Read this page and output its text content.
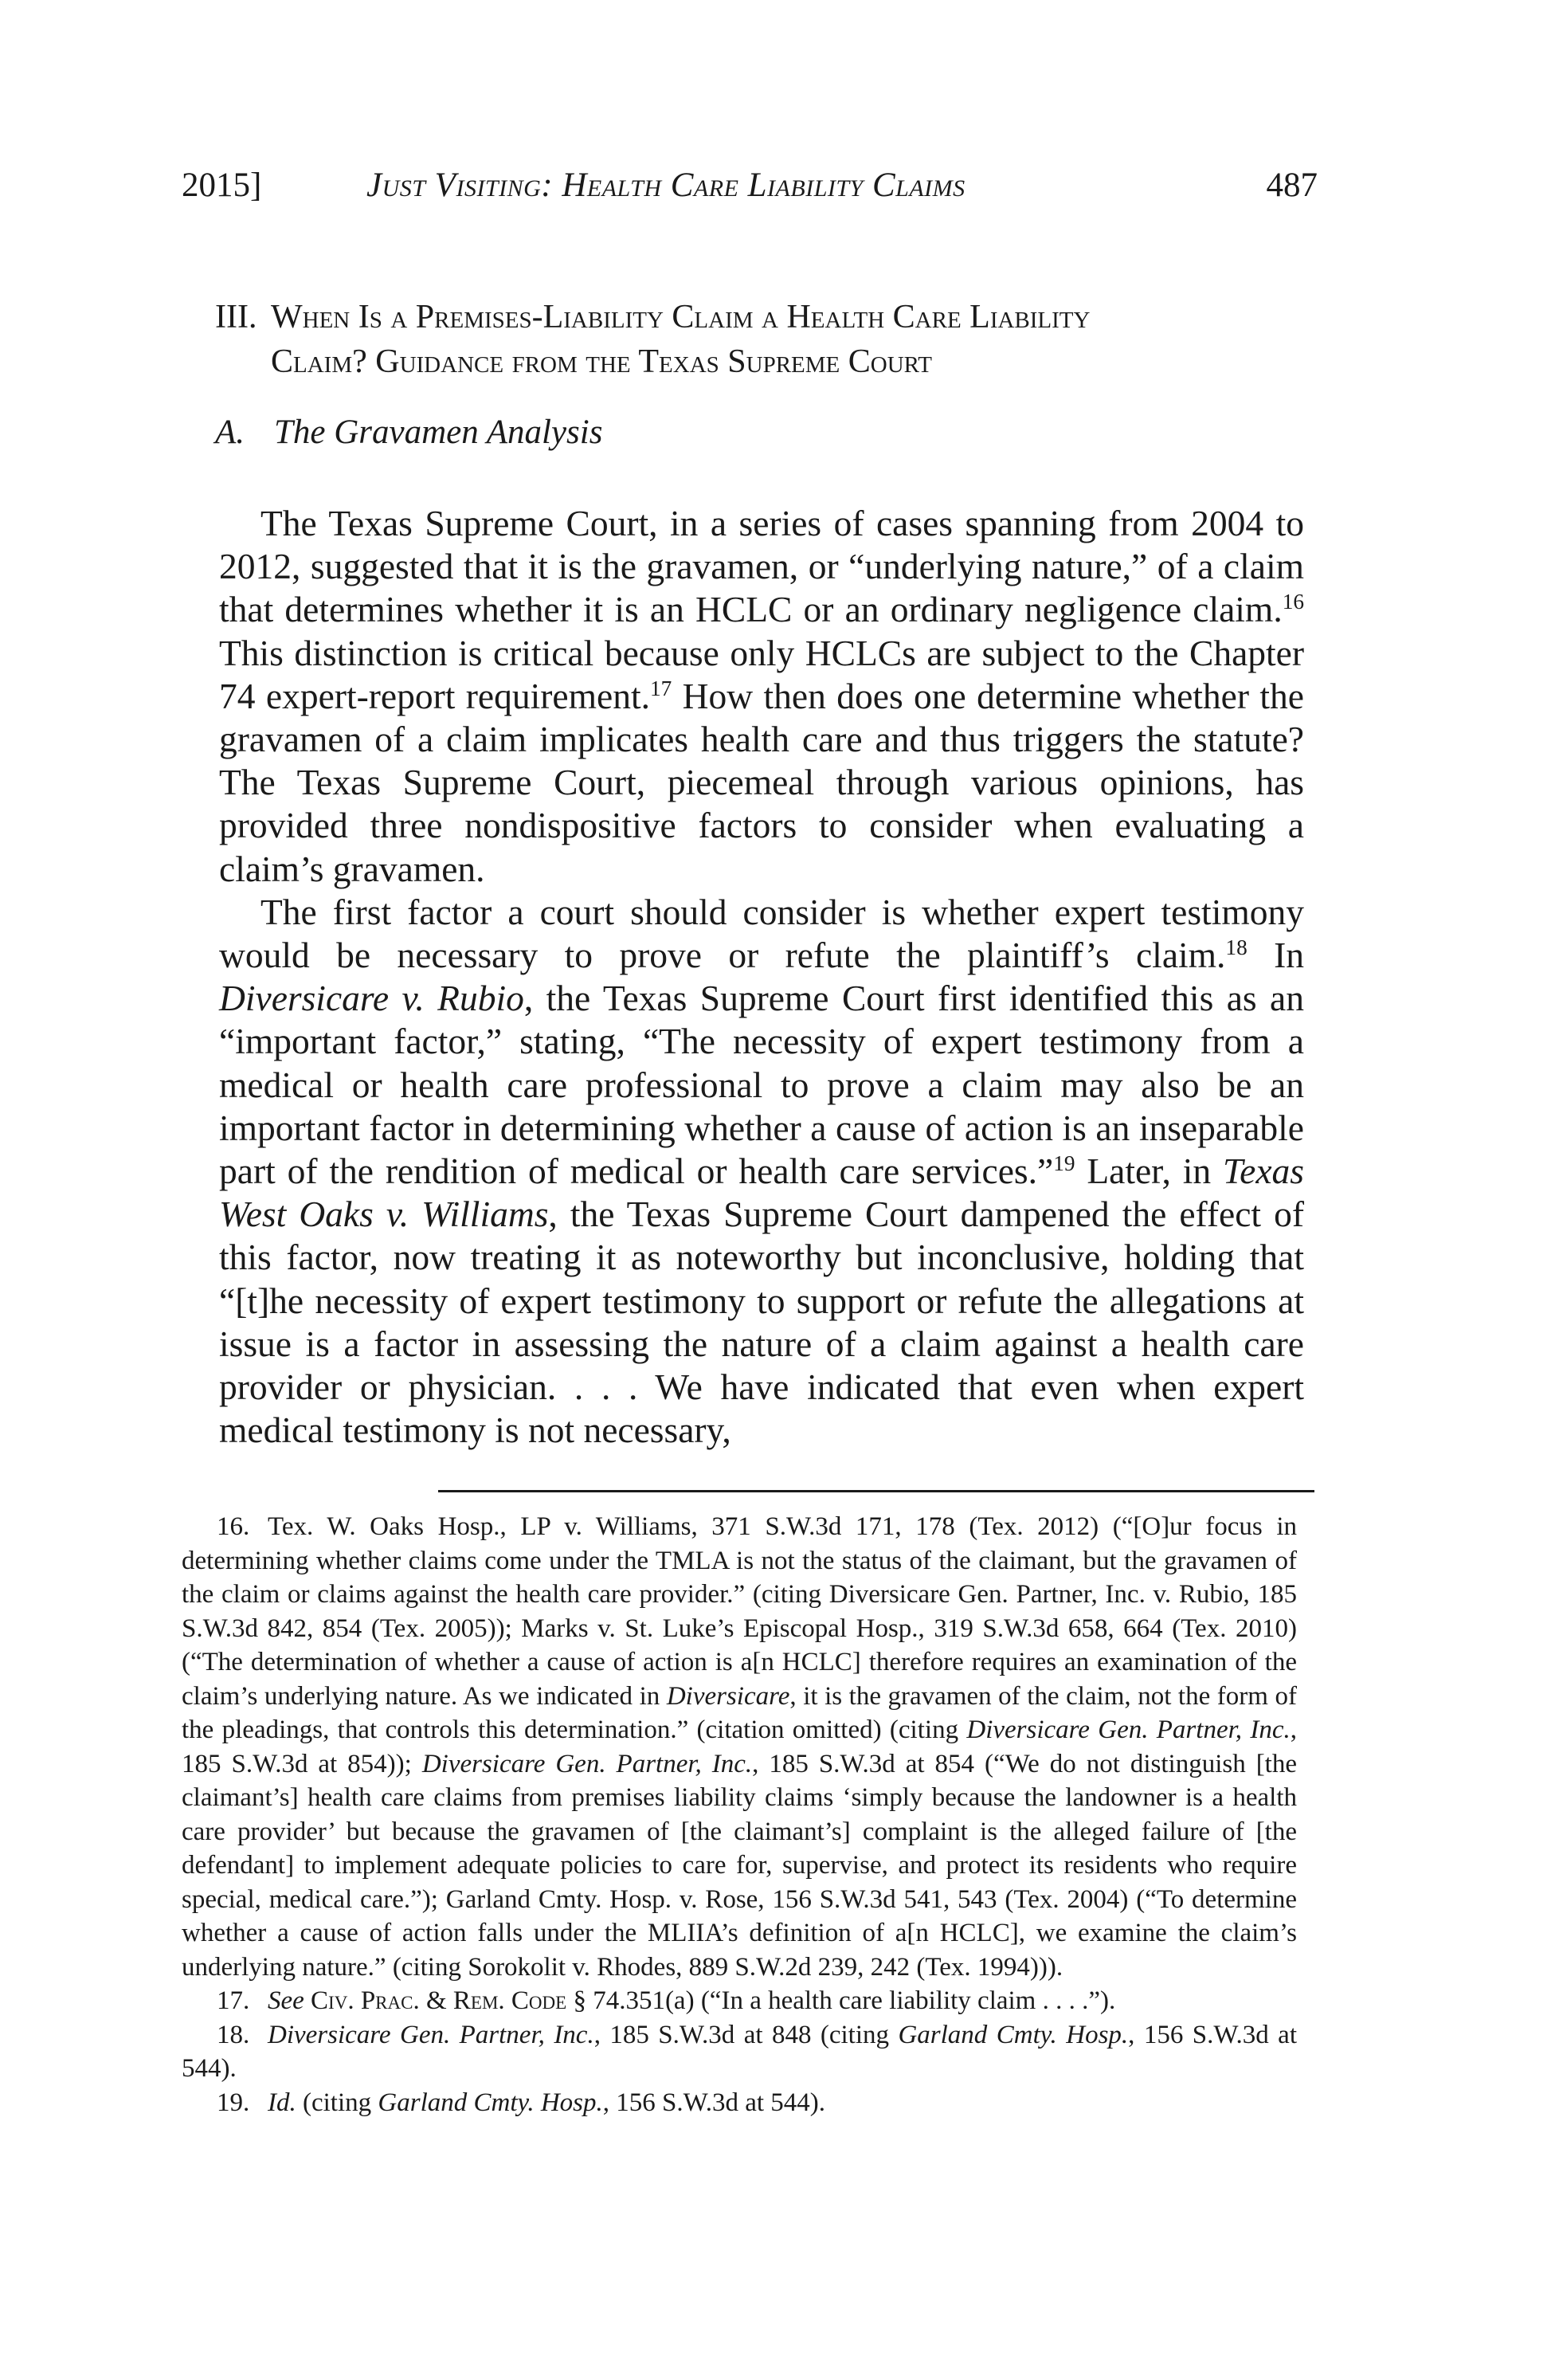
2015]	Just Visiting: Health Care Liability Claims	487
III. When Is a Premises-Liability Claim a Health Care Liability
Claim? Guidance from the Texas Supreme Court
A. The Gravamen Analysis

The Texas Supreme Court, in a series of cases spanning from 2004 to 2012, suggested that it is the gravamen, or “underlying nature,” of a claim that determines whether it is an HCLC or an ordinary negligence claim.$^{16}$ This distinction is critical because only HCLCs are subject to the Chapter 74 expert-report requirement.$^{17}$ How then does one determine whether the gravamen of a claim implicates health care and thus triggers the statute? The Texas Supreme Court, piecemeal through various opinions, has provided three nondispositive factors to consider when evaluating a claim’s gravamen.

The first factor a court should consider is whether expert testimony would be necessary to prove or refute the plaintiff’s claim.$^{18}$ In Diversicare v. Rubio, the Texas Supreme Court first identified this as an “important factor,” stating, “The necessity of expert testimony from a medical or health care professional to prove a claim may also be an important factor in determining whether a cause of action is an inseparable part of the rendition of medical or health care services.”$^{19}$ Later, in Texas West Oaks v. Williams, the Texas Supreme Court dampened the effect of this factor, now treating it as noteworthy but inconclusive, holding that “[t]he necessity of expert testimony to support or refute the allegations at issue is a factor in assessing the nature of a claim against a health care provider or physician. . . . We have indicated that even when expert medical testimony is not necessary,

16. Tex. W. Oaks Hosp., LP v. Williams, 371 S.W.3d 171, 178 (Tex. 2012) (“[O]ur focus in determining whether claims come under the TMLA is not the status of the claimant, but the gravamen of the claim or claims against the health care provider.” (citing Diversicare Gen. Partner, Inc. v. Rubio, 185 S.W.3d 842, 854 (Tex. 2005)); Marks v. St. Luke’s Episcopal Hosp., 319 S.W.3d 658, 664 (Tex. 2010) (“The determination of whether a cause of action is a[n HCLC] therefore requires an examination of the claim’s underlying nature. As we indicated in Diversicare, it is the gravamen of the claim, not the form of the pleadings, that controls this determination.” (citation omitted) (citing Diversicare Gen. Partner, Inc., 185 S.W.3d at 854)); Diversicare Gen. Partner, Inc., 185 S.W.3d at 854 (“We do not distinguish [the claimant’s] health care claims from premises liability claims ‘simply because the landowner is a health care provider’ but because the gravamen of [the claimant’s] complaint is the alleged failure of [the defendant] to implement adequate policies to care for, supervise, and protect its residents who require special, medical care.”); Garland Cmty. Hosp. v. Rose, 156 S.W.3d 541, 543 (Tex. 2004) (“To determine whether a cause of action falls under the MLIIA’s definition of a[n HCLC], we examine the claim’s underlying nature.” (citing Sorokolit v. Rhodes, 889 S.W.2d 239, 242 (Tex. 1994))).

17. See Civ. Prac. & Rem. Code § 74.351(a) (“In a health care liability claim . . . .”).

18. Diversicare Gen. Partner, Inc., 185 S.W.3d at 848 (citing Garland Cmty. Hosp., 156 S.W.3d at 544).

19. Id. (citing Garland Cmty. Hosp., 156 S.W.3d at 544).
